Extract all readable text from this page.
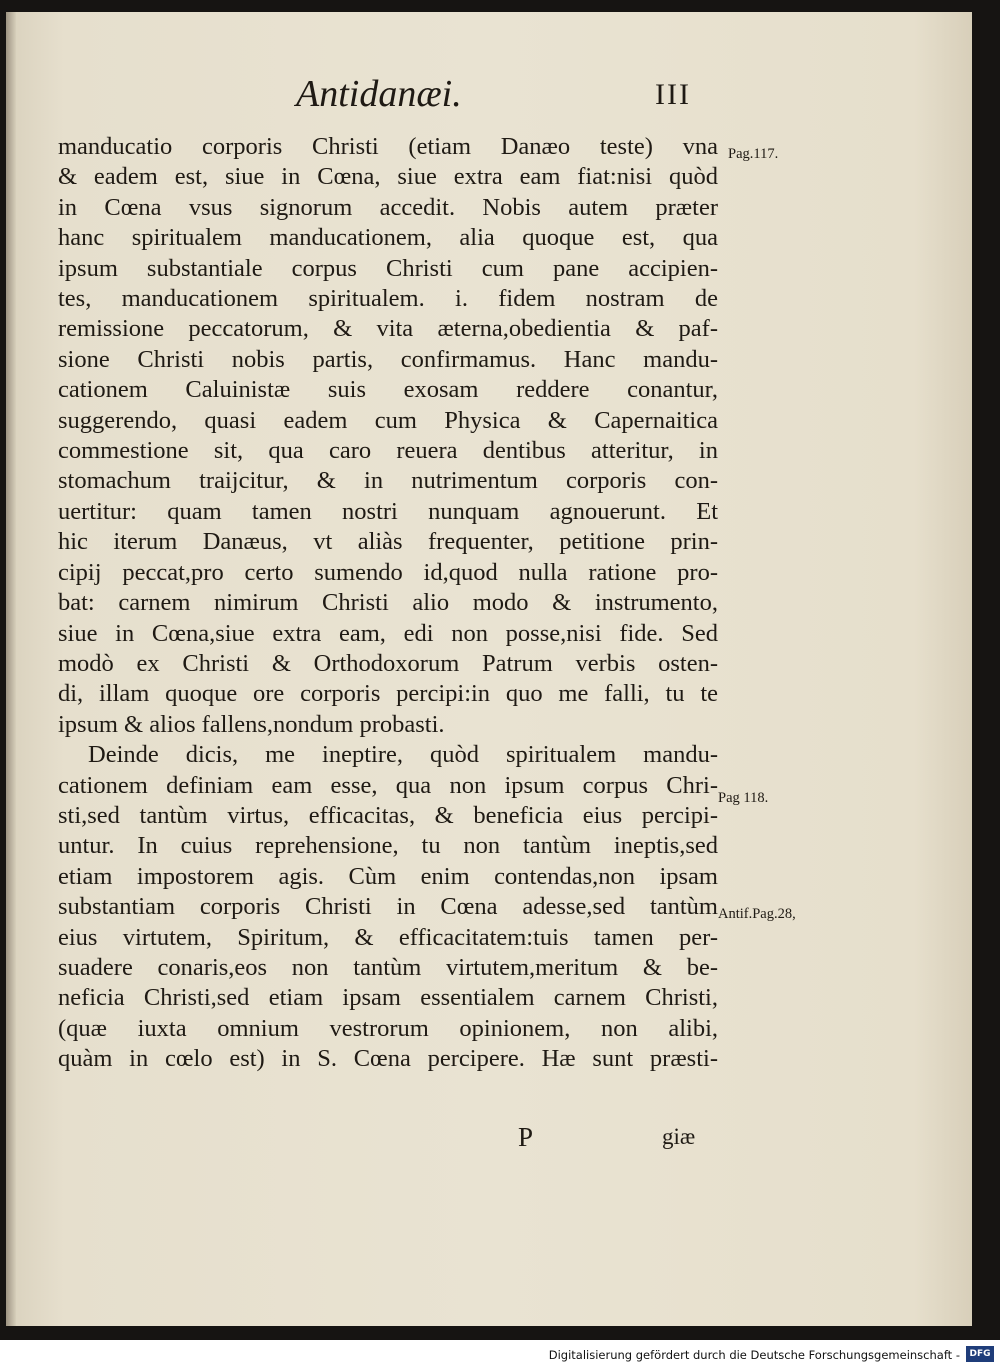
Antidanæi.	III
manducatio corporis Christi (etiam Danæo teste) vna
& eadem est, siue in Cœna, siue extra eam fiat:nisi quòd
in Cœna vsus signorum accedit. Nobis autem præter
hanc spiritualem manducationem, alia quoque est, qua
ipsum substantiale corpus Christi cum pane accipien-
tes, manducationem spiritualem. i. fidem nostram de
remissione peccatorum, & vita æterna,obedientia & paf-
sione Christi nobis partis, confirmamus. Hanc mandu-
cationem Caluinistæ suis exosam reddere conantur,
suggerendo, quasi eadem cum Physica & Capernaitica
commestione sit, qua caro reuera dentibus atteritur, in
stomachum traijcitur, & in nutrimentum corporis con-
uertitur: quam tamen nostri nunquam agnouerunt. Et
hic iterum Danæus, vt aliàs frequenter, petitione prin-
cipij peccat,pro certo sumendo id,quod nulla ratione pro-
bat: carnem nimirum Christi alio modo & instrumento,
siue in Cœna,siue extra eam, edi non posse,nisi fide. Sed
modò ex Christi & Orthodoxorum Patrum verbis osten-
di, illam quoque ore corporis percipi:in quo me falli, tu te
ipsum & alios fallens,nondum probasti.
Deinde dicis, me ineptire, quòd spiritualem mandu-
cationem definiam eam esse, qua non ipsum corpus Chri-
sti,sed tantùm virtus, efficacitas, & beneficia eius percipi-
untur. In cuius reprehensione, tu non tantùm ineptis,sed
etiam impostorem agis. Cùm enim contendas,non ipsam
substantiam corporis Christi in Cœna adesse,sed tantùm
eius virtutem, Spiritum, & efficacitatem:tuis tamen per-
suadere conaris,eos non tantùm virtutem,meritum & be-
neficia Christi,sed etiam ipsam essentialem carnem Christi,
(quæ iuxta omnium vestrorum opinionem, non alibi,
quàm in cœlo est) in S. Cœna percipere. Hæ sunt præsti-
Pag.117.
Pag 118.
Antif.Pag.28,
P	giæ
Digitalisierung gefördert durch die Deutsche Forschungsgemeinschaft -	DFG
